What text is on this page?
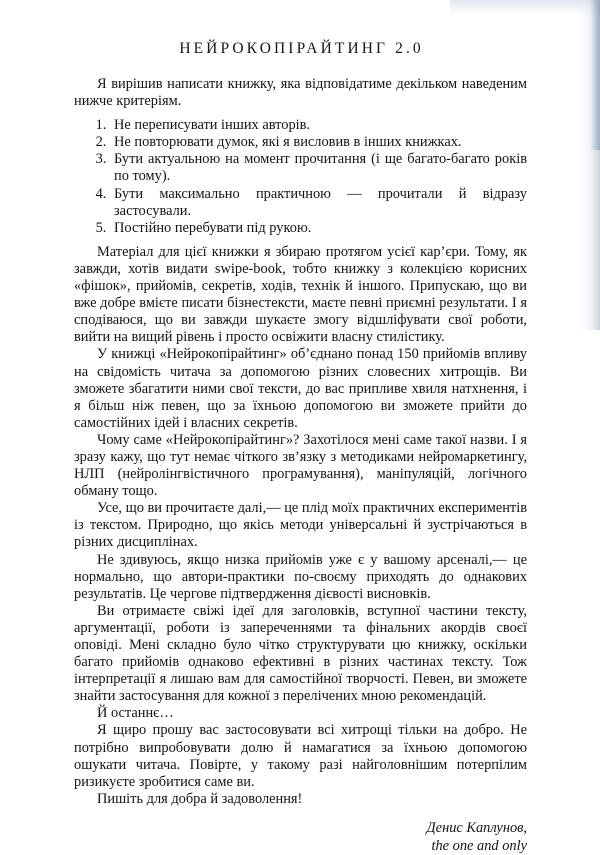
НЕЙРОКОПІРАЙТИНГ 2.0

Я вирішив написати книжку, яка відповідатиме декільком наведеним нижче критеріям.

1. Не переписувати інших авторів.
2. Не повторювати думок, які я висловив в інших книжках.
3. Бути актуальною на момент прочитання (і ще багато-багато років по тому).
4. Бути максимально практичною — прочитали й відразу застосували.
5. Постійно перебувати під рукою.

Матеріал для цієї книжки я збираю протягом усієї кар’єри. Тому, як завжди, хотів видати swipe-book, тобто книжку з колекцією корисних «фішок», прийомів, секретів, ходів, технік й іншого. Припускаю, що ви вже добре вмієте писати бізнестексти, маєте певні приємні результати. І я сподіваюся, що ви завжди шукаєте змогу відшліфувати свої роботи, вийти на вищий рівень і просто освіжити власну стилістику.

У книжці «Нейрокопірайтинг» об’єднано понад 150 прийомів впливу на свідомість читача за допомогою різних словесних хитрощів. Ви зможете збагатити ними свої тексти, до вас припливе хвиля натхнення, і я більш ніж певен, що за їхньою допомогою ви зможете прийти до самостійних ідей і власних секретів.

Чому саме «Нейрокопірайтинг»? Захотілося мені саме такої назви. І я зразу кажу, що тут немає чіткого зв’язку з методиками нейромаркетингу, НЛП (нейролінгвістичного програмування), маніпуляцій, логічного обману тощо.

Усе, що ви прочитаєте далі,— це плід моїх практичних експериментів із текстом. Природно, що якісь методи універсальні й зустрічаються в різних дисциплінах.

Не здивуюсь, якщо низка прийомів уже є у вашому арсеналі,— це нормально, що автори-практики по-своєму приходять до однакових результатів. Це чергове підтвердження дієвості висновків.

Ви отримаєте свіжі ідеї для заголовків, вступної частини тексту, аргументації, роботи із запереченнями та фінальних акордів своєї оповіді. Мені складно було чітко структурувати цю книжку, оскільки багато прийомів однаково ефективні в різних частинах тексту. Тож інтерпретації я лишаю вам для самостійної творчості. Певен, ви зможете знайти застосування для кожної з перелічених мною рекомендацій.

Й останнє…

Я щиро прошу вас застосовувати всі хитрощі тільки на добро. Не потрібно випробовувати долю й намагатися за їхньою допомогою ошукати читача. Повірте, у такому разі найголовнішим потерпілим ризикуєте зробитися саме ви.

Пишіть для добра й задоволення!

Денис Каплунов,
the one and only
